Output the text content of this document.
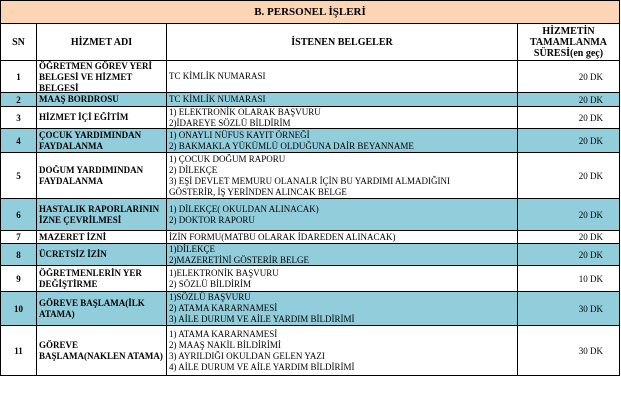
B. PERSONEL İŞLERİ			
SN	HİZMET ADI	İSTENEN BELGELER	HİZMETİN TAMAMLANMA SÜRESİ(en geç)

1	ÖĞRETMEN GÖREV YERİ BELGESİ VE HİZMET BELGESİ	TC KİMLİK NUMARASI	20 DK

2	MAAŞ BORDROSU	TC KİMLİK NUMARASI	20 DK

3	HİZMET İÇİ EĞİTİM	1) ELEKTRONİK OLARAK BAŞVURU
2)İDAREYE SÖZLÜ BİLDİRİM	20 DK

4	ÇOCUK YARDIMINDAN FAYDALANMA	1) ONAYLI NÜFUS KAYIT ÖRNEĞİ
2) BAKMAKLA YÜKÜMLÜ OLDUĞUNA DAİR BEYANNAME	20 DK

5	DOĞUM YARDIMINDAN FAYDALANMA	1) ÇOCUK DOĞUM RAPORU
2) DİLEKÇE
3) EŞİ DEVLET MEMURU OLANALR İÇİN BU YARDIMI ALMADIĞINI
GÖSTERİR, İŞ YERİNDEN ALINCAK BELGE	20 DK

6	HASTALIK RAPORLARININ İZNE ÇEVRİLMESİ	1) DİLEKÇE( OKULDAN ALINACAK)
2) DOKTOR RAPORU	20 DK

7	MAZERET İZNİ	İZİN FORMU(MATBU OLARAK İDAREDEN ALINACAK)	20 DK

8	ÜCRETSİZ İZİN	1)DİLEKÇE
2)MAZERETİNİ GÖSTERİR BELGE	20 DK

9	ÖĞRETMENLERİN YER DEĞİŞTİRME	1)ELEKTRONİK BAŞVURU
2) SÖZLÜ BİLDİRİM	10 DK

10	GÖREVE BAŞLAMA(İLK ATAMA)	1)SÖZLÜ BAŞVURU
2) ATAMA KARARNAMESİ
3) AİLE DURUM VE AİLE YARDIM BİLDİRİMİ	30 DK

11	GÖREVE BAŞLAMA(NAKLEN ATAMA)	1) ATAMA KARARNAMESİ
2) MAAŞ NAKİL BİLDİRİMİ
3) AYRILDIĞI OKULDAN GELEN YAZI
4) AİLE DURUM VE AİLE YARDIM BİLDİRİMİ	30 DK
